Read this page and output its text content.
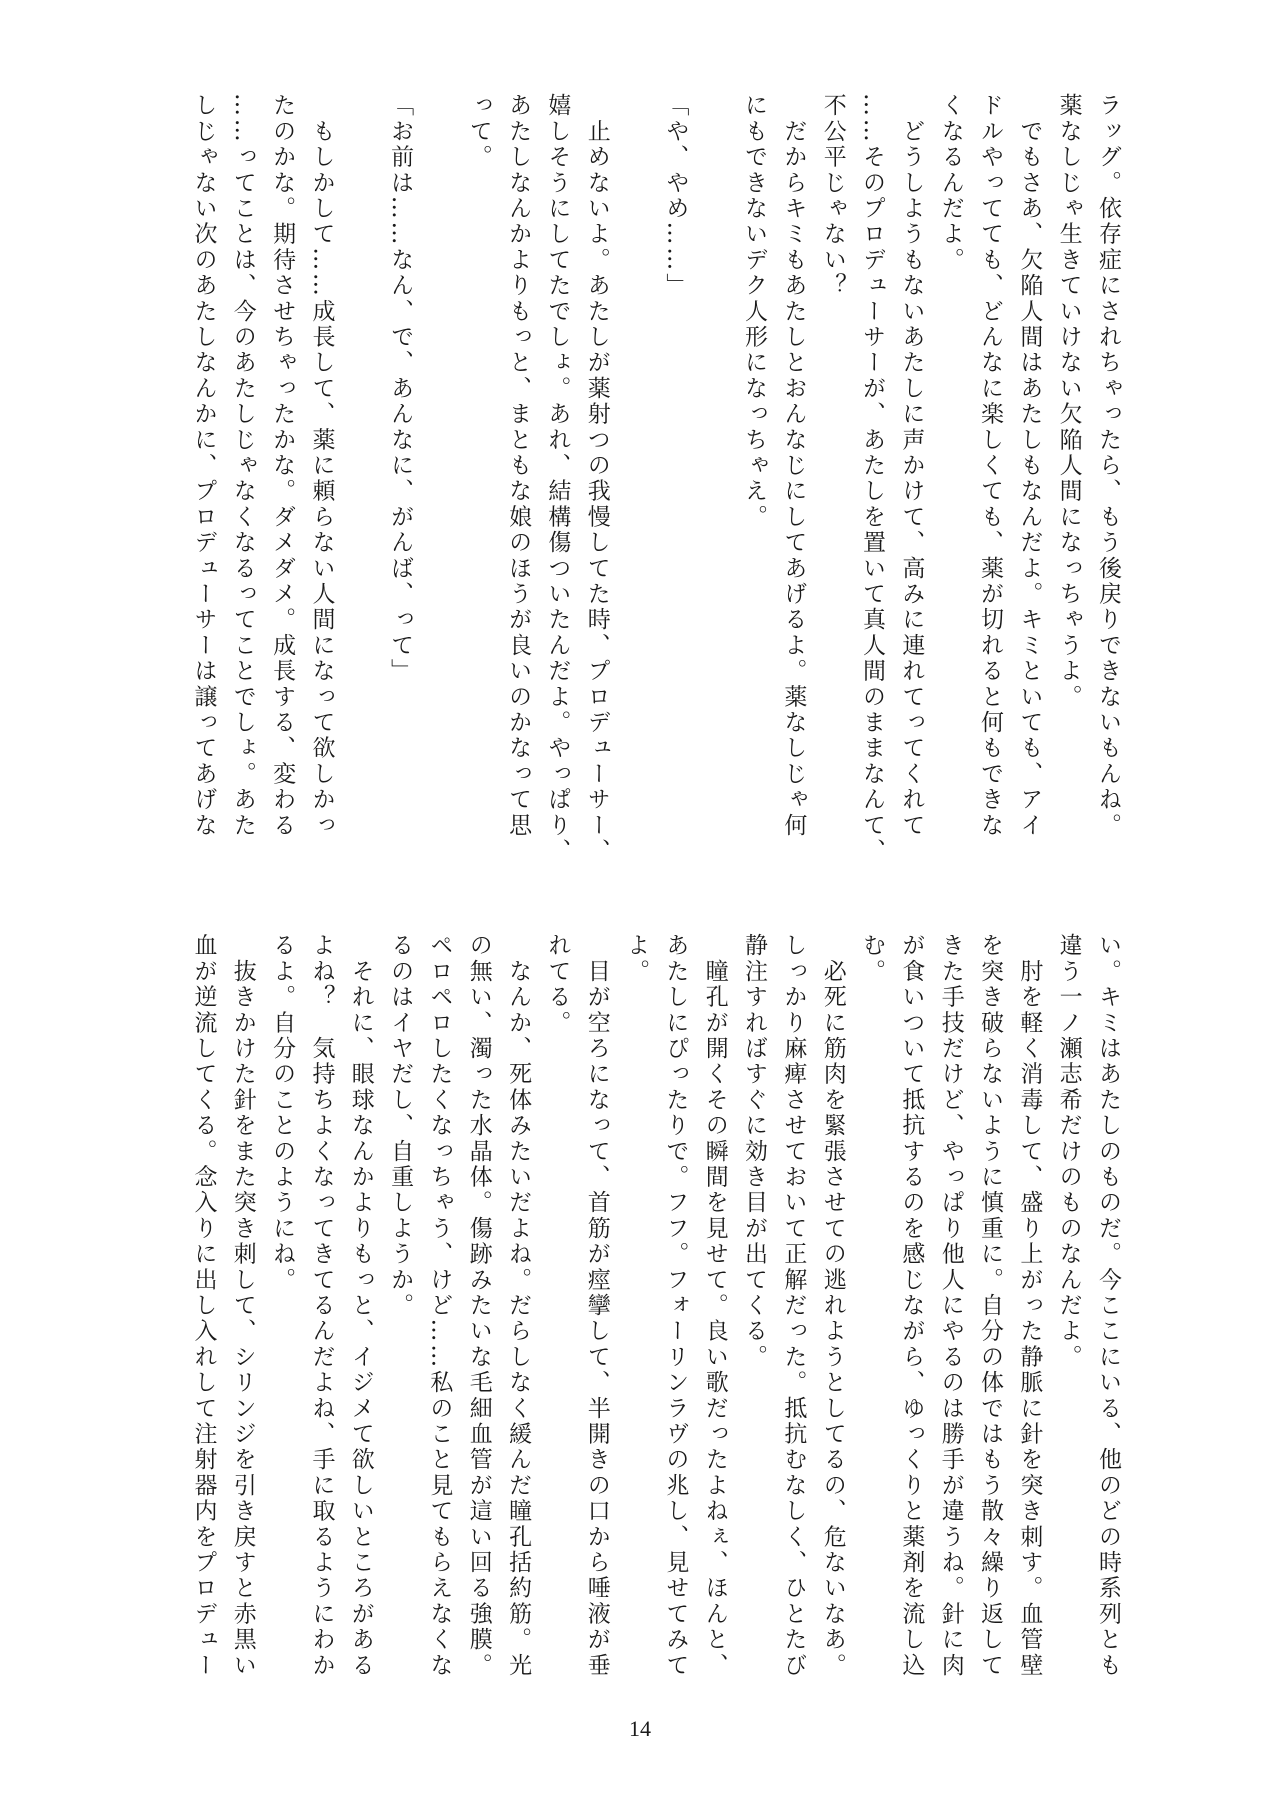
ラッグ。依存症にされちゃったら、もう後戻りできないもんね。
薬なしじゃ生きていけない欠陥人間になっちゃうよ。
　でもさあ、欠陥人間はあたしもなんだよ。キミといても、アイ
ドルやってても、どんなに楽しくても、薬が切れると何もできな
くなるんだよ。
　どうしようもないあたしに声かけて、高みに連れてってくれて
……そのプロデューサーが、あたしを置いて真人間のままなんて、
不公平じゃない？
　だからキミもあたしとおんなじにしてあげるよ。薬なしじゃ何
にもできないデク人形になっちゃえ。
「や、やめ……」
　止めないよ。あたしが薬射つの我慢してた時、プロデューサー、
嬉しそうにしてたでしょ。あれ、結構傷ついたんだよ。やっぱり、
あたしなんかよりもっと、まともな娘のほうが良いのかなって思
って。
「お前は……なん、で、あんなに、がんば、って」
　もしかして……成長して、薬に頼らない人間になって欲しかっ
たのかな。期待させちゃったかな。ダメダメ。成長する、変わる
……ってことは、今のあたしじゃなくなるってことでしょ。あた
しじゃない次のあたしなんかに、プロデューサーは譲ってあげな
い。キミはあたしのものだ。今ここにいる、他のどの時系列とも
違う一ノ瀬志希だけのものなんだよ。
　肘を軽く消毒して、盛り上がった静脈に針を突き刺す。血管壁
を突き破らないように慎重に。自分の体ではもう散々繰り返して
きた手技だけど、やっぱり他人にやるのは勝手が違うね。針に肉
が食いついて抵抗するのを感じながら、ゆっくりと薬剤を流し込
む。
　必死に筋肉を緊張させての逃れようとしてるの、危ないなあ。
しっかり麻痺させておいて正解だった。抵抗むなしく、ひとたび
静注すればすぐに効き目が出てくる。
　瞳孔が開くその瞬間を見せて。良い歌だったよねぇ、ほんと、
あたしにぴったりで。フフ。フォーリンラヴの兆し、見せてみて
よ。
　目が空ろになって、首筋が痙攣して、半開きの口から唾液が垂
れてる。
　なんか、死体みたいだよね。だらしなく緩んだ瞳孔括約筋。光
の無い、濁った水晶体。傷跡みたいな毛細血管が這い回る強膜。
ペロペロしたくなっちゃう、けど……私のこと見てもらえなくな
るのはイヤだし、自重しようか。
　それに、眼球なんかよりもっと、イジメて欲しいところがある
よね？　気持ちよくなってきてるんだよね、手に取るようにわか
るよ。自分のことのようにね。
　抜きかけた針をまた突き刺して、シリンジを引き戻すと赤黒い
血が逆流してくる。念入りに出し入れして注射器内をプロデュー
14
